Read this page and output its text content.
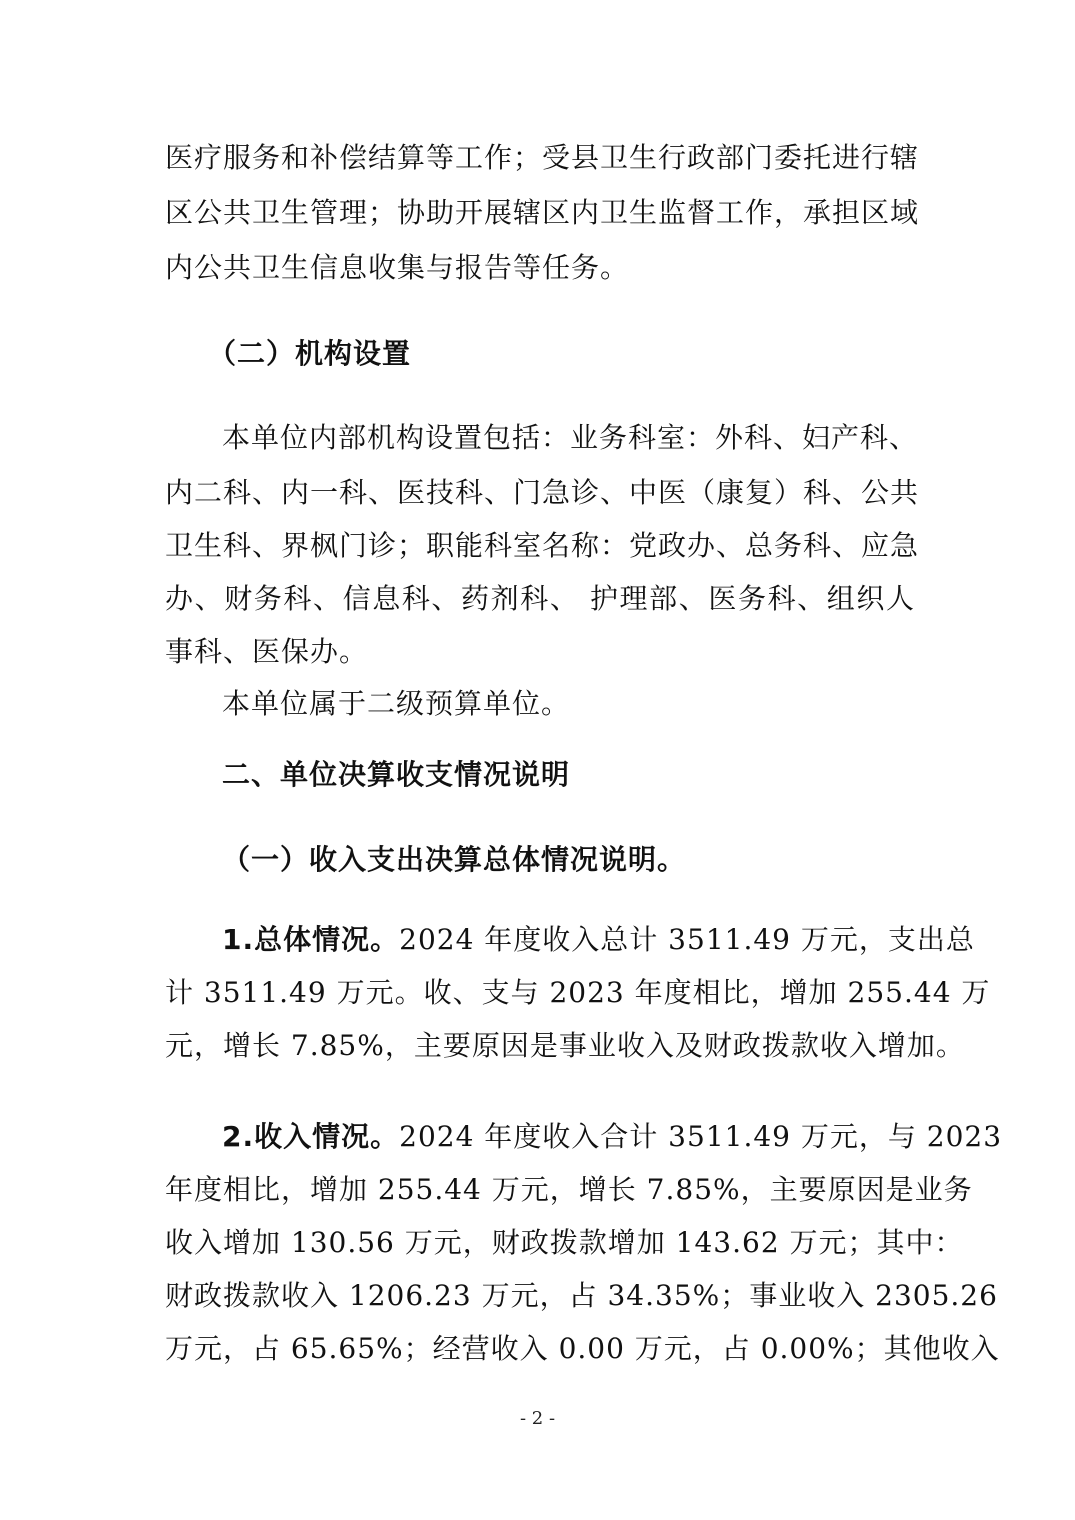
医疗服务和补偿结算等工作；受县卫生行政部门委托进行辖
区公共卫生管理；协助开展辖区内卫生监督工作，承担区域
内公共卫生信息收集与报告等任务。
（二）机构设置
本单位内部机构设置包括：业务科室：外科、妇产科、
内二科、内一科、医技科、门急诊、中医（康复）科、公共
卫生科、界枫门诊；职能科室名称：党政办、总务科、应急
办、财务科、信息科、药剂科、 护理部、医务科、组织人
事科、医保办。
本单位属于二级预算单位。
二、单位决算收支情况说明
（一）收入支出决算总体情况说明。
1.总体情况。2024 年度收入总计 3511.49 万元，支出总
计 3511.49 万元。收、支与 2023 年度相比，增加 255.44 万
元，增长 7.85%，主要原因是事业收入及财政拨款收入增加。
2.收入情况。2024 年度收入合计 3511.49 万元，与 2023
年度相比，增加 255.44 万元，增长 7.85%，主要原因是业务
收入增加 130.56 万元，财政拨款增加 143.62 万元；其中：
财政拨款收入 1206.23 万元，占 34.35%；事业收入 2305.26
万元，占 65.65%；经营收入 0.00 万元，占 0.00%；其他收入
- 2 -
